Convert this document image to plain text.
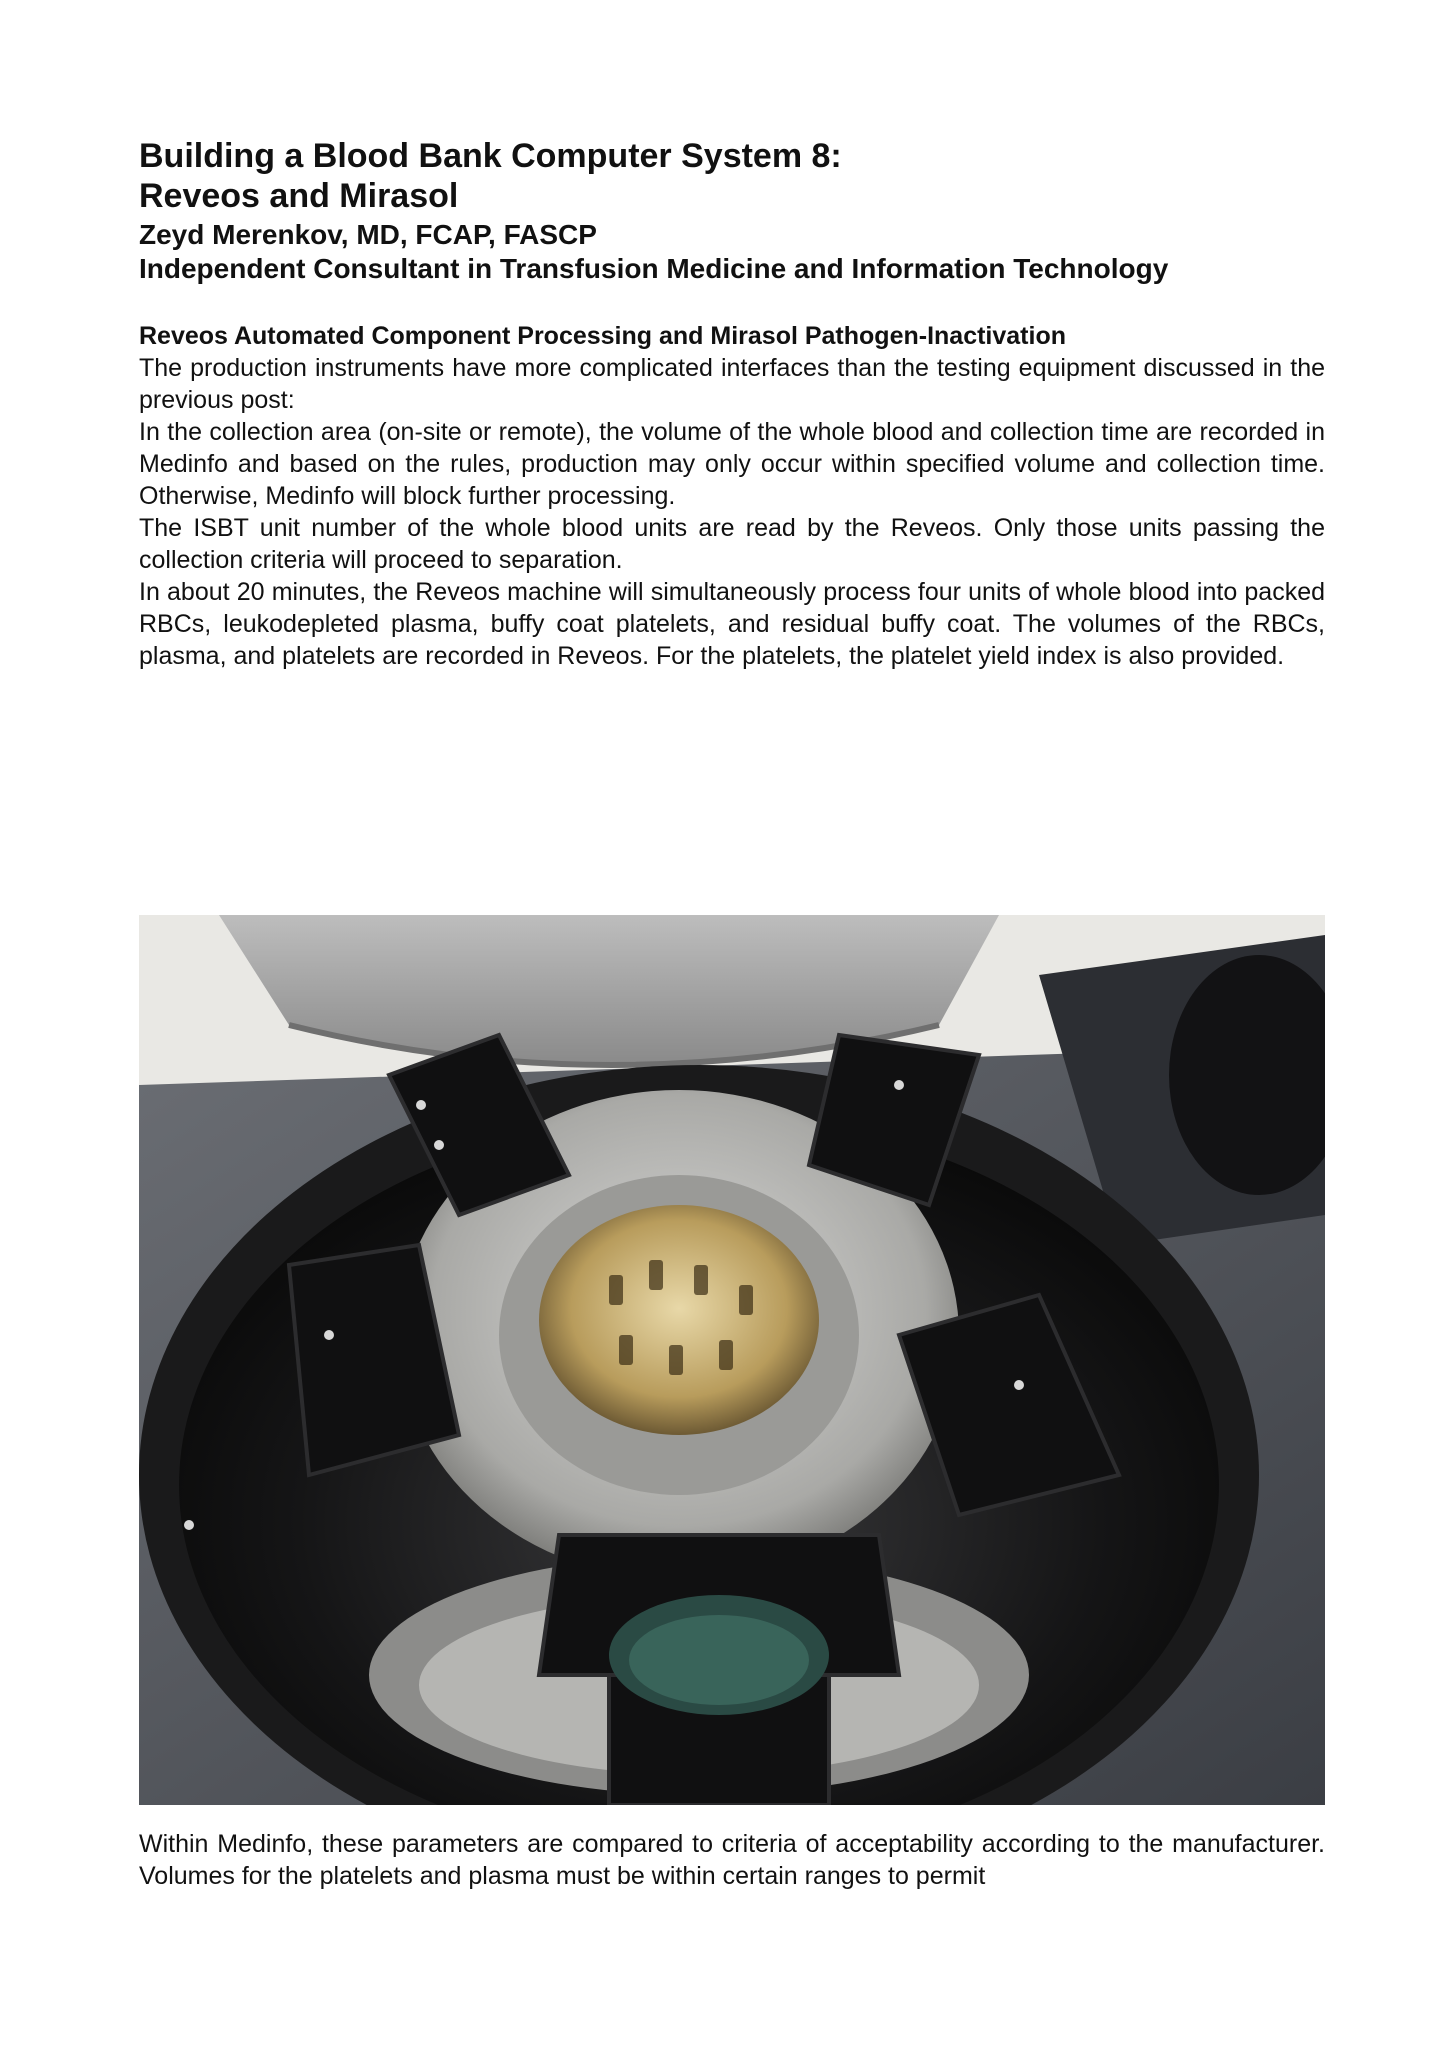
Building a Blood Bank Computer System 8:
Reveos and Mirasol
Zeyd Merenkov, MD, FCAP, FASCP
Independent Consultant in Transfusion Medicine and Information Technology
Reveos Automated Component Processing and Mirasol Pathogen-Inactivation

The production instruments have more complicated interfaces than the testing equipment discussed in the previous post:

In the collection area (on-site or remote), the volume of the whole blood and collection time are recorded in Medinfo and based on the rules, production may only occur within specified volume and collection time. Otherwise, Medinfo will block further processing.

The ISBT unit number of the whole blood units are read by the Reveos. Only those units passing the collection criteria will proceed to separation.

In about 20 minutes, the Reveos machine will simultaneously process four units of whole blood into packed RBCs, leukodepleted plasma, buffy coat platelets, and residual buffy coat. The volumes of the RBCs, plasma, and platelets are recorded in Reveos. For the platelets, the platelet yield index is also provided.

Within Medinfo, these parameters are compared to criteria of acceptability according to the manufacturer. Volumes for the platelets and plasma must be within certain ranges to permit
